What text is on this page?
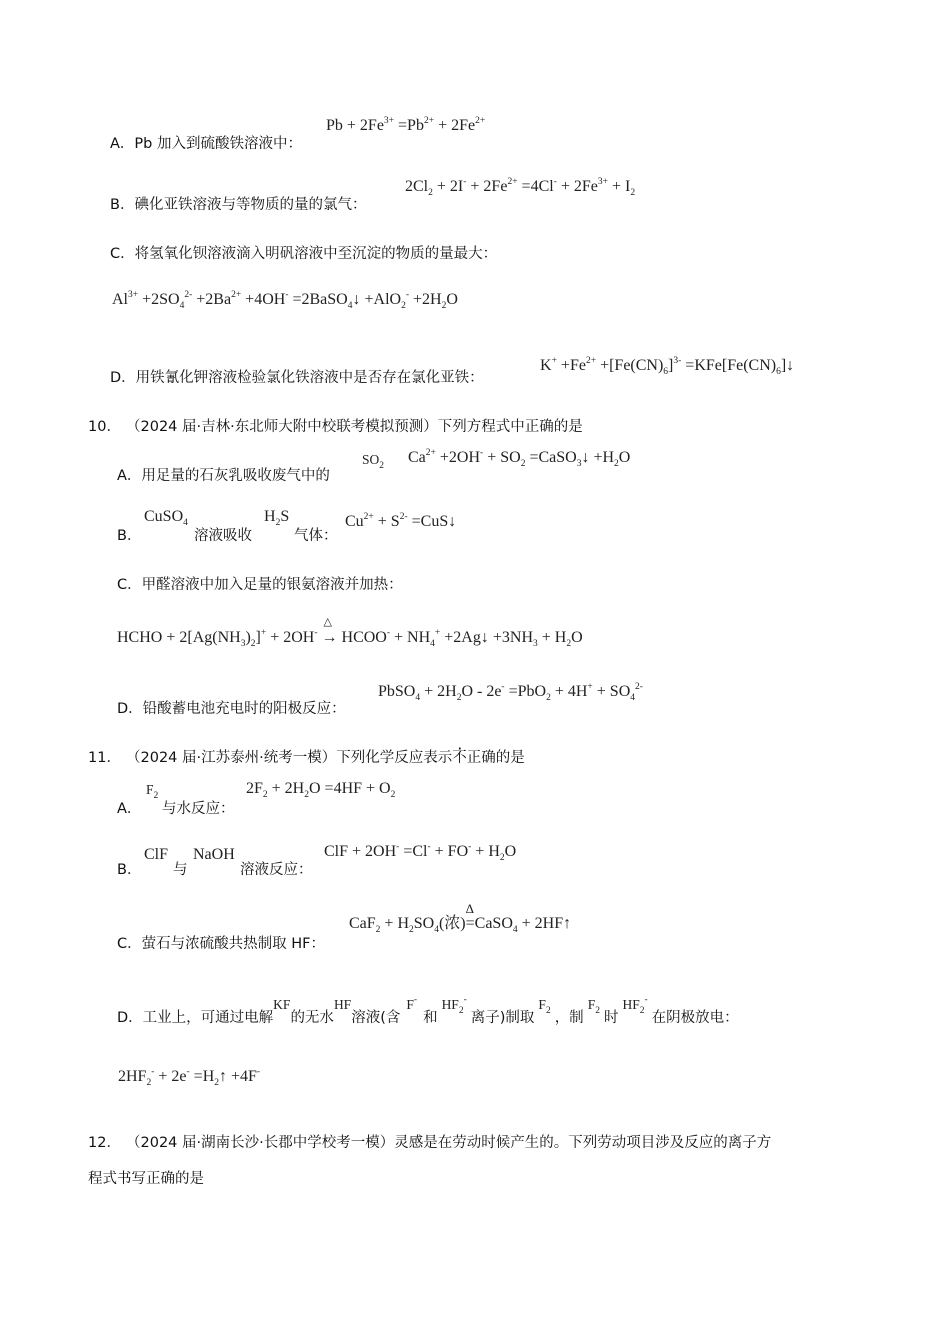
A．Pb 加入到硫酸铁溶液中：
$Pb + 2Fe^{3+} =Pb^{2+} + 2Fe^{2+}$
B．碘化亚铁溶液与等物质的量的氯气：
$2Cl_2 + 2I^- + 2Fe^{2+} =4Cl^- + 2Fe^{3+} + I_2$
C．将氢氧化钡溶液滴入明矾溶液中至沉淀的物质的量最大：
$Al^{3+} +2SO_4^{2-} +2Ba^{2+} +4OH^-$ =2BaSO$_4$↓ $+AlO_2^- +2H_2O$
D．用铁氰化钾溶液检验氯化铁溶液中是否存在氯化亚铁：
$K^+ +Fe^{2+} +[Fe(CN)_6]^{3-}$ $=KFe[Fe(CN)_6]↓$
10． （2024 届·吉林·东北师大附中校联考模拟预测）下列方程式中正确的是
A．用足量的石灰乳吸收废气中的
$SO_2$ $Ca^{2+} +2OH^- + SO_2$ =CaSO$_3$↓ $+H_2O$
B．
CuSO$_4$
溶液吸收
$H_2S$
气体：
$Cu^{2+} + S^{2-}$ =CuS↓
C．甲醛溶液中加入足量的银氨溶液并加热：
HCHO + $2[Ag(NH_3)_2]^+ + 2OH^-$ →
△
HCOO- + $NH_4^+$ +2Ag↓ $+3NH_3 + H_2O$
D．铅酸蓄电池充电时的阳极反应：
PbSO$_4$ + $2H_2O - 2e^- =PbO_2 + 4H^+ + SO_4^{2-}$
11． （2024 届·江苏泰州·统考一模）下列化学反应表示不正确的是
A．
$F_2$
与水反应：
$2F_2 + 2H_2O =4HF + O_2$
B．
ClF
与
NaOH
溶液反应：
ClF + $2OH^- =Cl^- + FO^- + H_2O$
C．萤石与浓硫酸共热制取 HF：
$CaF_2 + H_2SO_4$(浓)=
Δ
CaSO$_4$ + 2HF↑
D．工业上，可通过电解KF的无水HF溶液(含F-和$HF_2^-$离子)制取$F_2$ ，制$F_2$ 时$HF_2^-$在阴极放电：
$2HF_2^- + 2e^-$ $=H_2↑ +4F^-$
12． （2024 届·湖南长沙·长郡中学校考一模）灵感是在劳动时候产生的。下列劳动项目涉及反应的离子方
程式书写正确的是
